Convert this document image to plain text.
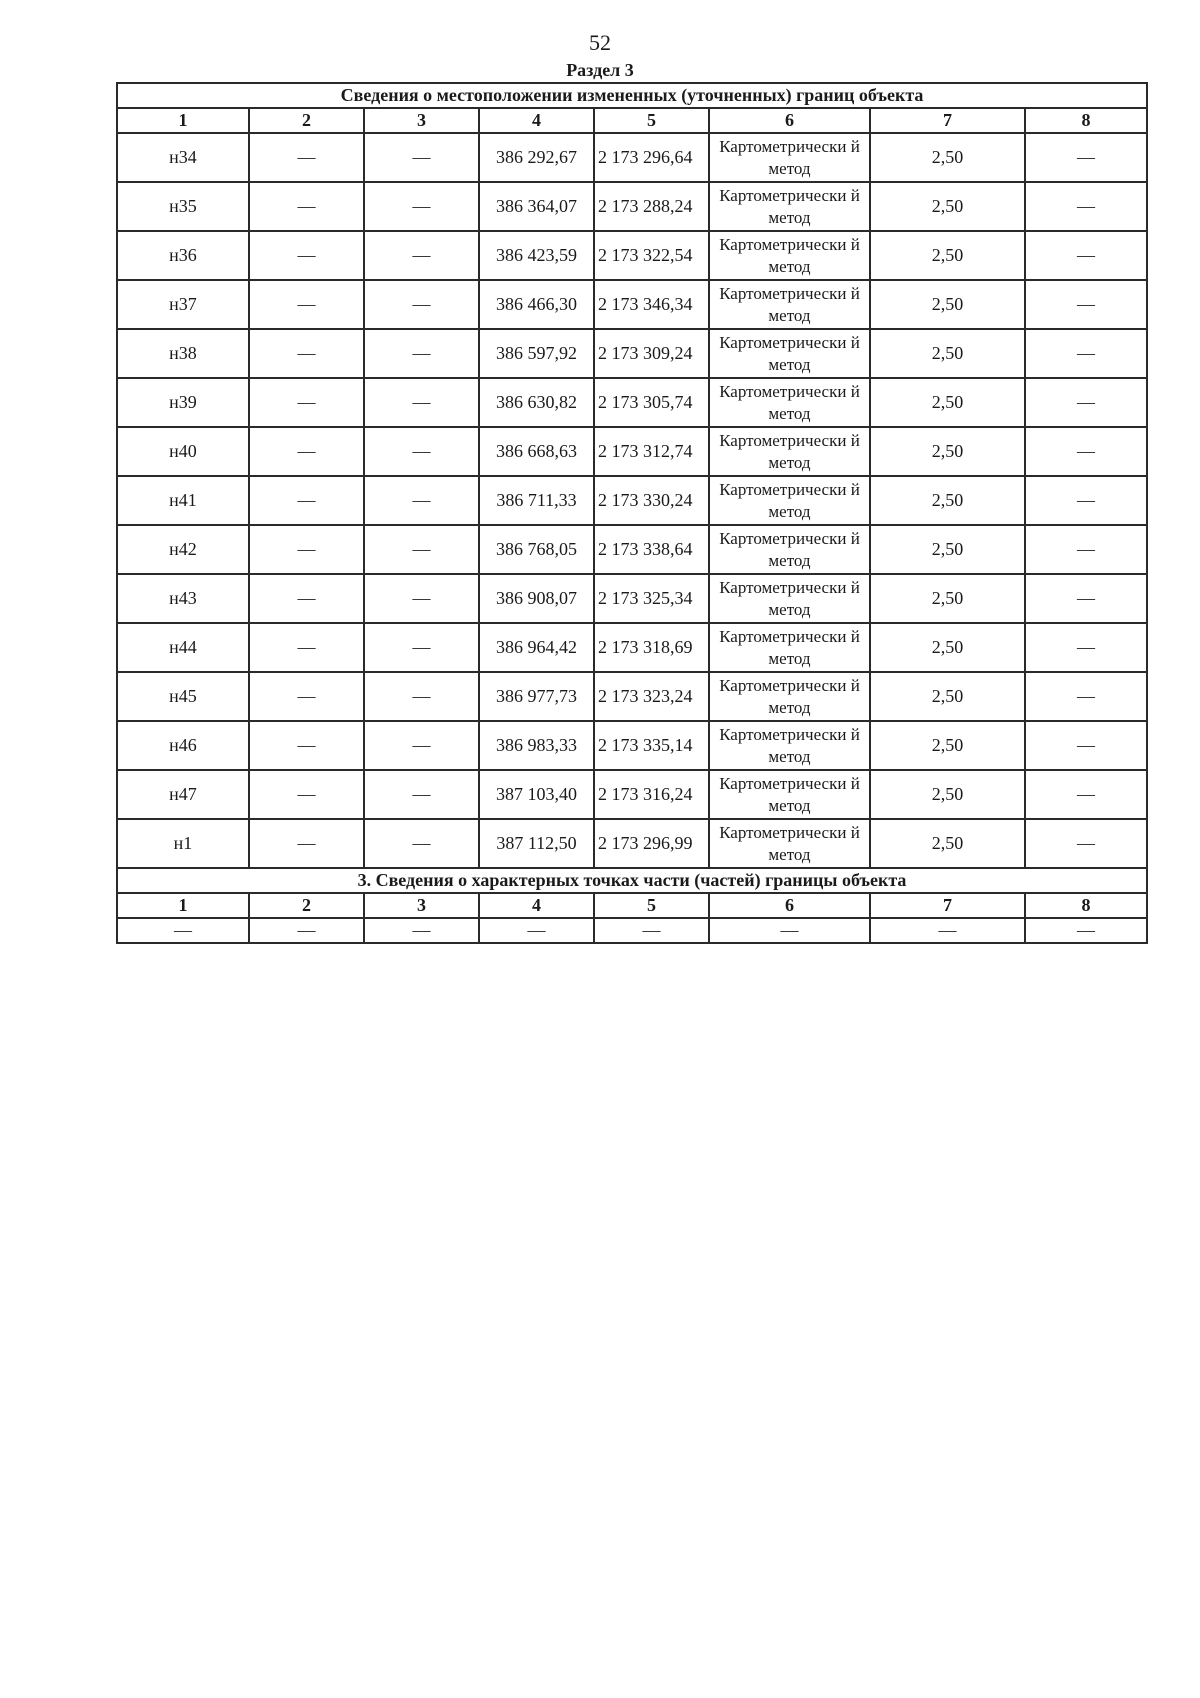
52
Раздел 3
Сведения о местоположении измененных (уточненных) границ объекта							
1	2	3	4	5	6	7	8
н34	—	—	386 292,67	2 173 296,64	Картометрически й метод	2,50	—
н35	—	—	386 364,07	2 173 288,24	Картометрически й метод	2,50	—
н36	—	—	386 423,59	2 173 322,54	Картометрически й метод	2,50	—
н37	—	—	386 466,30	2 173 346,34	Картометрически й метод	2,50	—
н38	—	—	386 597,92	2 173 309,24	Картометрически й метод	2,50	—
н39	—	—	386 630,82	2 173 305,74	Картометрически й метод	2,50	—
н40	—	—	386 668,63	2 173 312,74	Картометрически й метод	2,50	—
н41	—	—	386 711,33	2 173 330,24	Картометрически й метод	2,50	—
н42	—	—	386 768,05	2 173 338,64	Картометрически й метод	2,50	—
н43	—	—	386 908,07	2 173 325,34	Картометрически й метод	2,50	—
н44	—	—	386 964,42	2 173 318,69	Картометрически й метод	2,50	—
н45	—	—	386 977,73	2 173 323,24	Картометрически й метод	2,50	—
н46	—	—	386 983,33	2 173 335,14	Картометрически й метод	2,50	—
н47	—	—	387 103,40	2 173 316,24	Картометрически й метод	2,50	—
н1	—	—	387 112,50	2 173 296,99	Картометрически й метод	2,50	—
3. Сведения о характерных точках части (частей) границы объекта							
1	2	3	4	5	6	7	8
—	—	—	—	—	—	—	—
